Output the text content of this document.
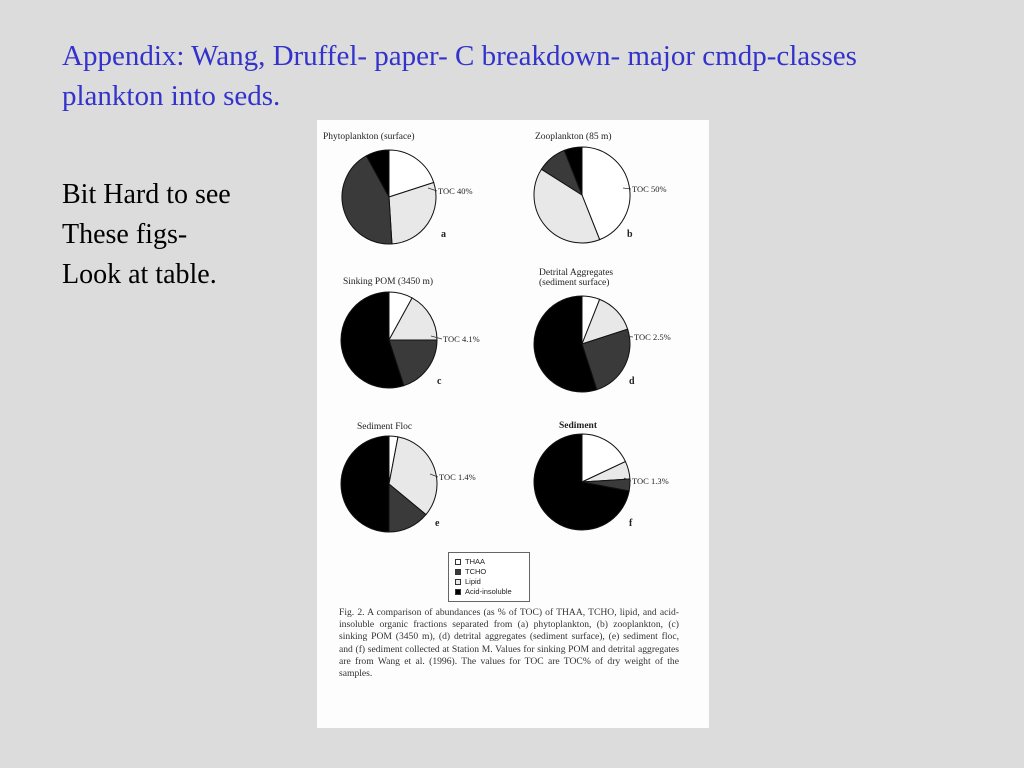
Appendix: Wang, Druffel- paper- C breakdown- major cmdp-classes plankton into seds.
Bit Hard to see
These figs-
Look at table.
Phytoplankton (surface)
TOC 40%
a
Zooplankton (85 m)
TOC 50%
b
Sinking POM (3450 m)
TOC 4.1%
c
Detrital Aggregates
(sediment surface)
TOC 2.5%
d
Sediment Floc
TOC 1.4%
e
Sediment
TOC 1.3%
f
THAA
TCHO
Lipid
Acid-insoluble
Fig. 2. A comparison of abundances (as % of TOC) of THAA, TCHO, lipid, and acid-insoluble organic fractions separated from (a) phytoplankton, (b) zooplankton, (c) sinking POM (3450 m), (d) detrital aggregates (sediment surface), (e) sediment floc, and (f) sediment collected at Station M. Values for sinking POM and detrital aggregates are from Wang et al. (1996). The values for TOC are TOC% of dry weight of the samples.
